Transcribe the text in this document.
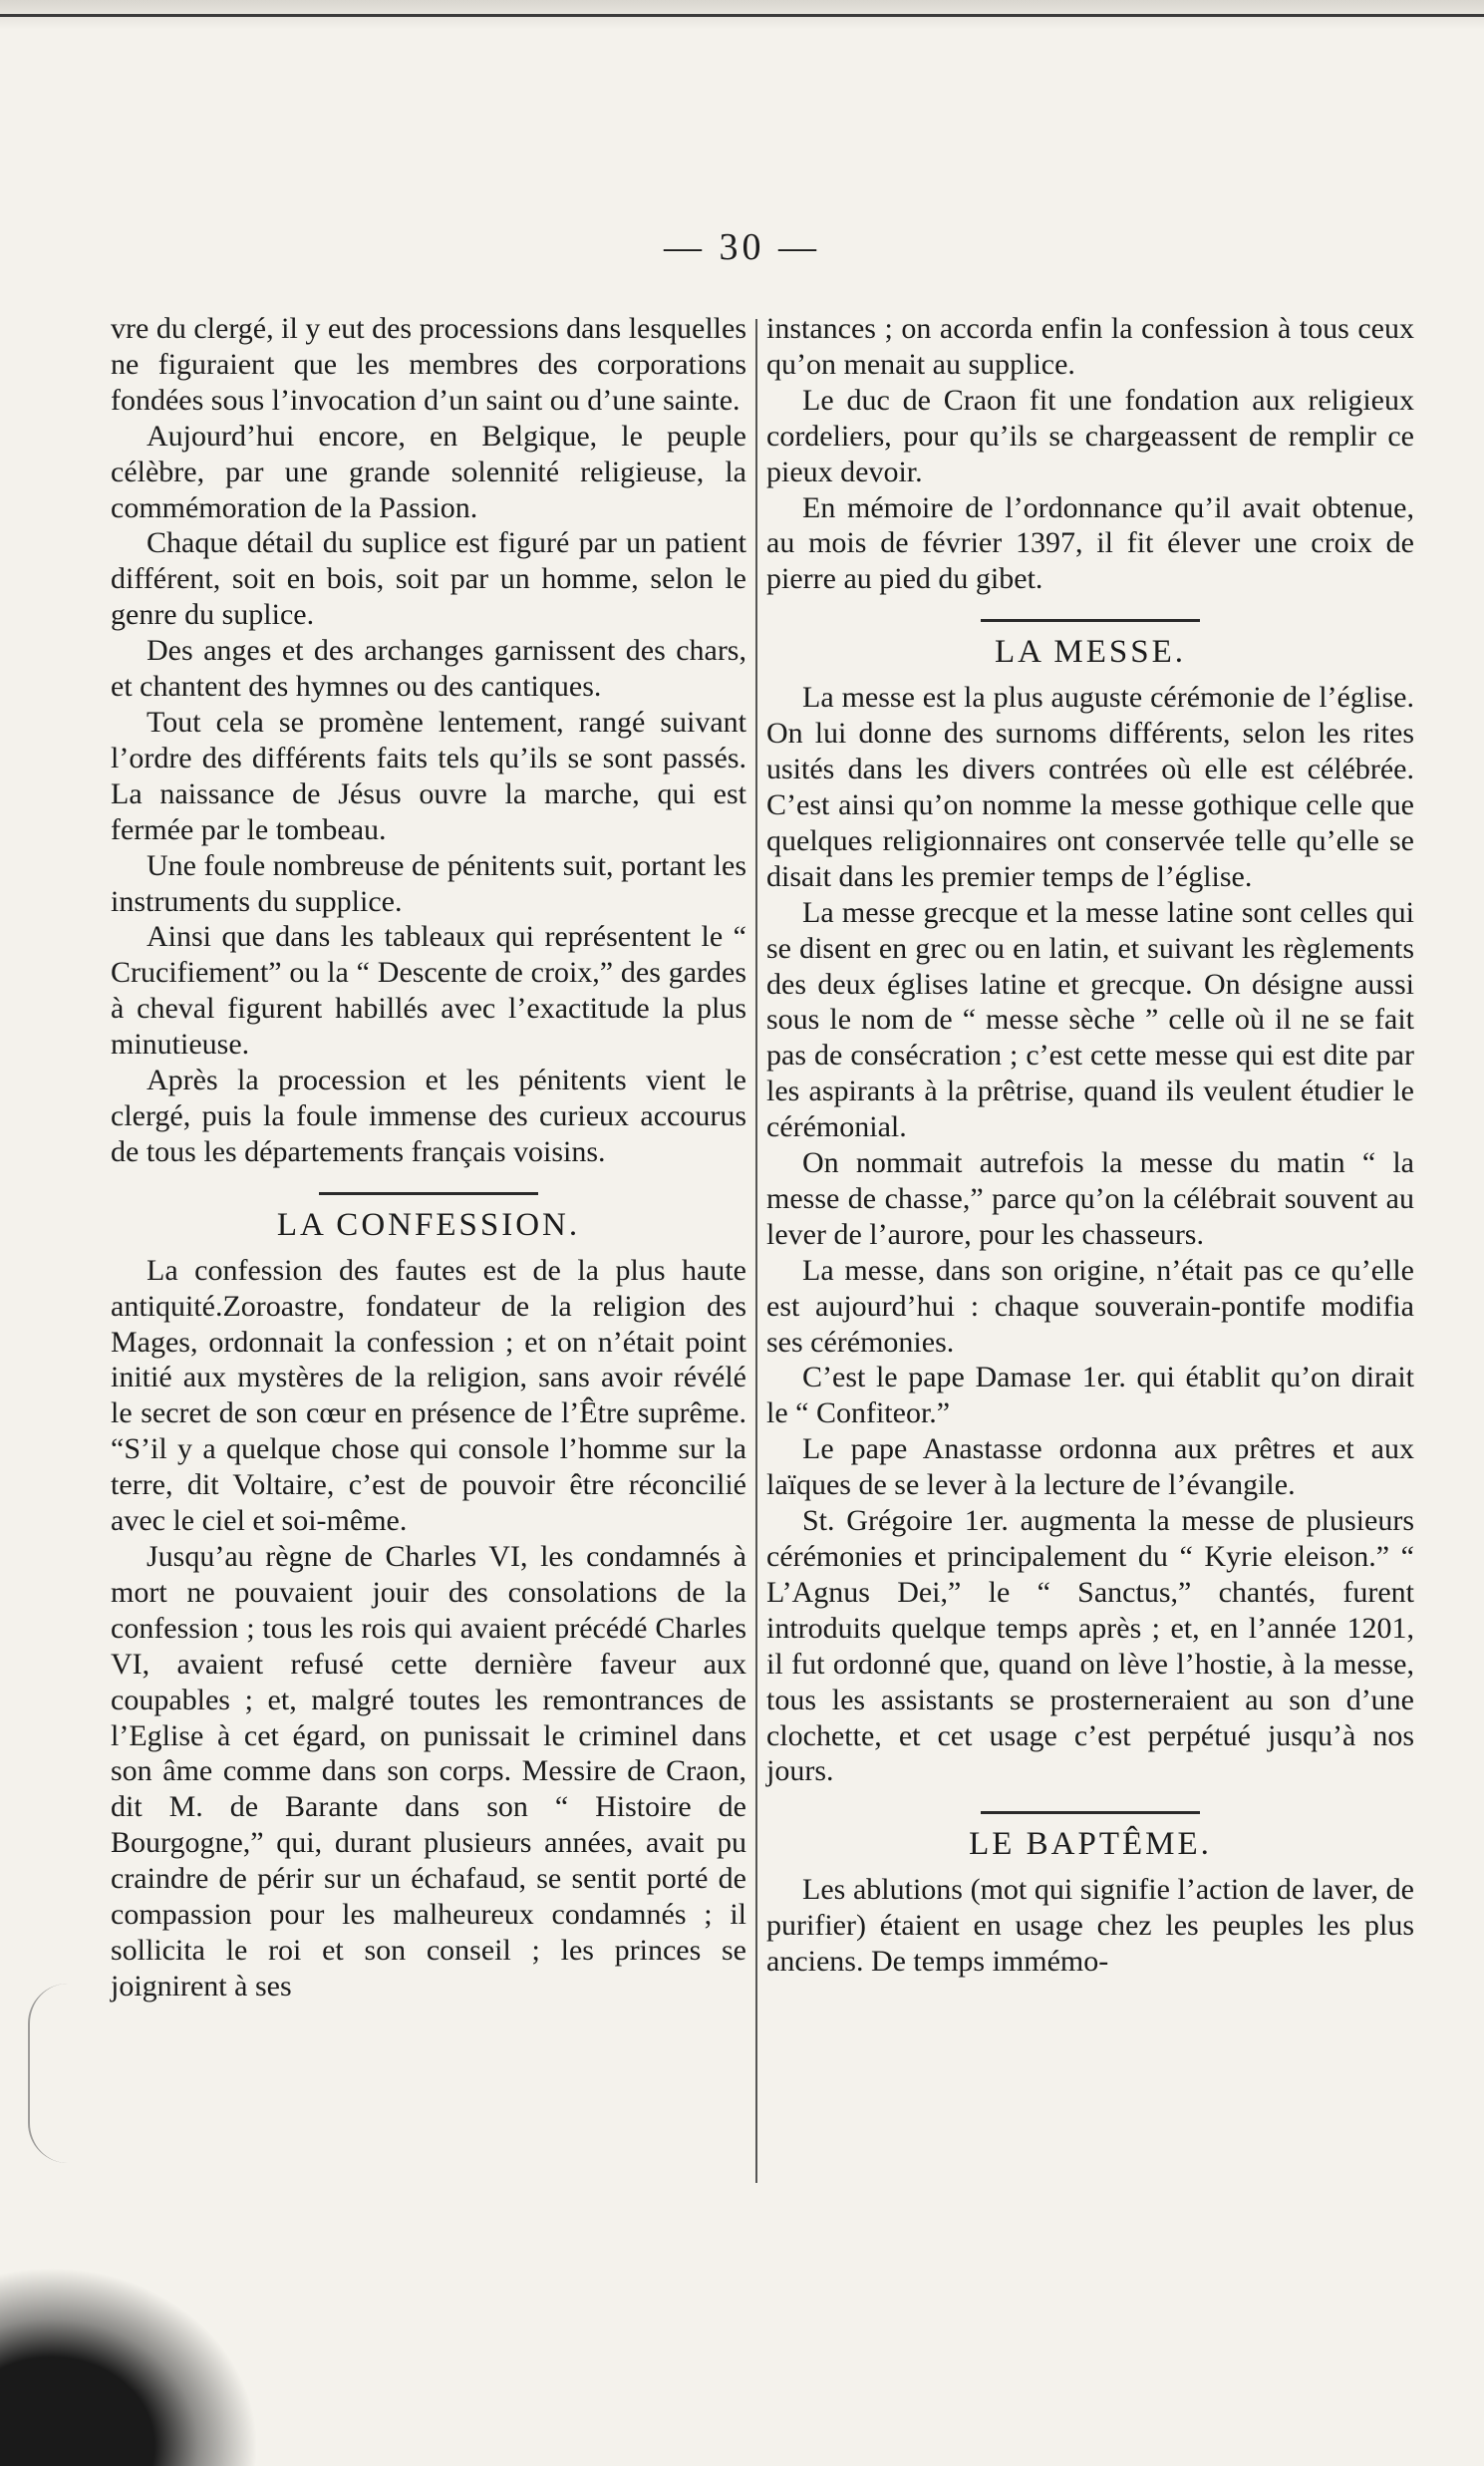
— 30 —

vre du clergé, il y eut des processions dans lesquelles ne figuraient que les membres des corporations fondées sous l’invocation d’un saint ou d’une sainte.

Aujourd’hui encore, en Belgique, le peuple célèbre, par une grande solennité religieuse, la commémoration de la Passion.

Chaque détail du suplice est figuré par un patient différent, soit en bois, soit par un homme, selon le genre du suplice.

Des anges et des archanges garnissent des chars, et chantent des hymnes ou des cantiques.

Tout cela se promène lentement, rangé suivant l’ordre des différents faits tels qu’ils se sont passés. La naissance de Jésus ouvre la marche, qui est fermée par le tombeau.

Une foule nombreuse de pénitents suit, portant les instruments du supplice.

Ainsi que dans les tableaux qui représentent le “ Crucifiement” ou la “ Descente de croix,” des gardes à cheval figurent habillés avec l’exactitude la plus minutieuse.

Après la procession et les pénitents vient le clergé, puis la foule immense des curieux accourus de tous les départements français voisins.

LA CONFESSION.

La confession des fautes est de la plus haute antiquité.Zoroastre, fondateur de la religion des Mages, ordonnait la confession ; et on n’était point initié aux mystères de la religion, sans avoir révélé le secret de son cœur en présence de l’Être suprême. “S’il y a quelque chose qui console l’homme sur la terre, dit Voltaire, c’est de pouvoir être réconcilié avec le ciel et soi-même.

Jusqu’au règne de Charles VI, les condamnés à mort ne pouvaient jouir des consolations de la confession ; tous les rois qui avaient précédé Charles VI, avaient refusé cette dernière faveur aux coupables ; et, malgré toutes les remontrances de l’Eglise à cet égard, on punissait le criminel dans son âme comme dans son corps. Messire de Craon, dit M. de Barante dans son “ Histoire de Bourgogne,” qui, durant plusieurs années, avait pu craindre de périr sur un échafaud, se sentit porté de compassion pour les malheureux condamnés ; il sollicita le roi et son conseil ; les princes se joignirent à ses

instances ; on accorda enfin la confession à tous ceux qu’on menait au supplice.

Le duc de Craon fit une fondation aux religieux cordeliers, pour qu’ils se chargeassent de remplir ce pieux devoir.

En mémoire de l’ordonnance qu’il avait obtenue, au mois de février 1397, il fit élever une croix de pierre au pied du gibet.

LA MESSE.

La messe est la plus auguste cérémonie de l’église. On lui donne des surnoms différents, selon les rites usités dans les divers contrées où elle est célébrée. C’est ainsi qu’on nomme la messe gothique celle que quelques religionnaires ont conservée telle qu’elle se disait dans les premier temps de l’église.

La messe grecque et la messe latine sont celles qui se disent en grec ou en latin, et suivant les règlements des deux églises latine et grecque. On désigne aussi sous le nom de “ messe sèche ” celle où il ne se fait pas de consécration ; c’est cette messe qui est dite par les aspirants à la prêtrise, quand ils veulent étudier le cérémonial.

On nommait autrefois la messe du matin “ la messe de chasse,” parce qu’on la célébrait souvent au lever de l’aurore, pour les chasseurs.

La messe, dans son origine, n’était pas ce qu’elle est aujourd’hui : chaque souverain-pontife modifia ses cérémonies.

C’est le pape Damase 1er. qui établit qu’on dirait le “ Confiteor.”

Le pape Anastasse ordonna aux prêtres et aux laïques de se lever à la lecture de l’évangile.

St. Grégoire 1er. augmenta la messe de plusieurs cérémonies et principalement du “ Kyrie eleison.” “ L’Agnus Dei,” le “ Sanctus,” chantés, furent introduits quelque temps après ; et, en l’année 1201, il fut ordonné que, quand on lève l’hostie, à la messe, tous les assistants se prosterneraient au son d’une clochette, et cet usage c’est perpétué jusqu’à nos jours.

LE BAPTÊME.

Les ablutions (mot qui signifie l’action de laver, de purifier) étaient en usage chez les peuples les plus anciens. De temps immémo-
